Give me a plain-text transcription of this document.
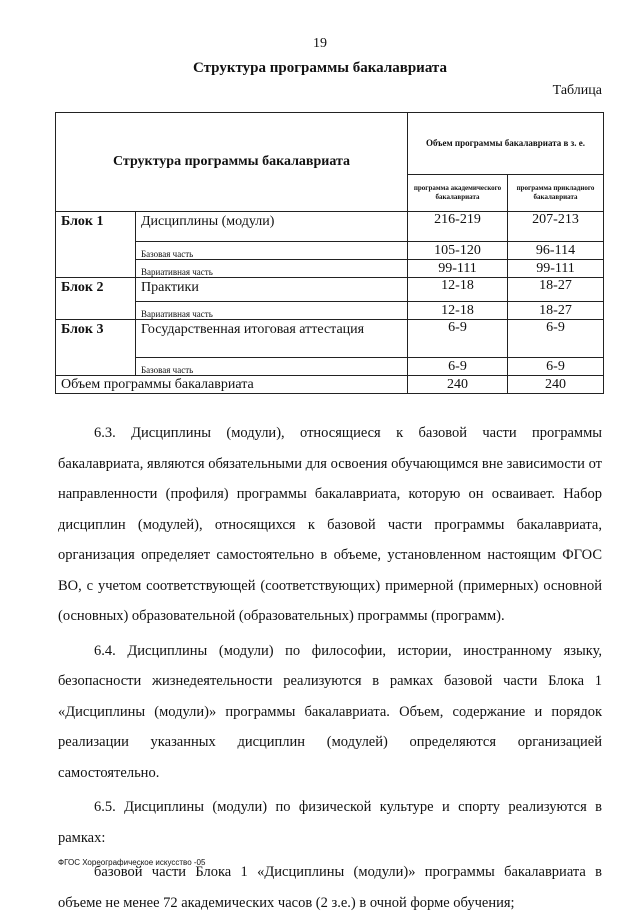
19
Структура программы бакалавриата
Таблица
Структура программы бакалавриата		Объем программы бакалавриата в з. е.	
		программа академического бакалавриата	программа прикладного бакалавриата
Блок 1	Дисциплины (модули)	216-219	207-213
	Базовая часть	105-120	96-114
	Вариативная часть	99-111	99-111
Блок 2	Практики	12-18	18-27
	Вариативная часть	12-18	18-27
Блок 3	Государственная итоговая аттестация	6-9	6-9
	Базовая часть	6-9	6-9
Объем программы бакалавриата		240	240

6.3. Дисциплины (модули), относящиеся к базовой части программы бакалавриата, являются обязательными для освоения обучающимся вне зависимости от направленности (профиля) программы бакалавриата, которую он осваивает. Набор дисциплин (модулей), относящихся к базовой части программы бакалавриата, организация определяет самостоятельно в объеме, установленном настоящим ФГОС ВО, с учетом соответствующей (соответствующих) примерной (примерных) основной (основных) образовательной (образовательных) программы (программ).

6.4. Дисциплины (модули) по философии, истории, иностранному языку, безопасности жизнедеятельности реализуются в рамках базовой части Блока 1 «Дисциплины (модули)» программы бакалавриата. Объем, содержание и порядок реализации указанных дисциплин (модулей) определяются организацией самостоятельно.

6.5. Дисциплины (модули) по физической культуре и спорту реализуются в рамках:

базовой части Блока 1 «Дисциплины (модули)» программы бакалавриата в объеме не менее 72 академических часов (2 з.е.) в очной форме обучения;

ФГОС Хореографическое искусство -05
